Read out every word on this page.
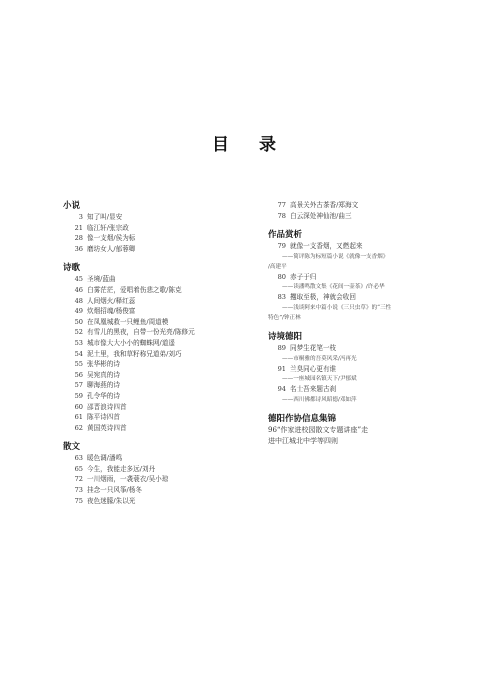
目 录
小说
3 知了叫/显安
21 临江轩/张宗政
28 像一支烟/侯为标
36 磨坊女人/郁蓉卿
诗歌
45 圣境/蓝曲
46 白雾茫茫，爱唱着伤悲之歌/陈克
48 人间烟火/释红蕊
49 炊烟招魂/杨俊富
50 在凤凰城救一只鲤鱼/周道模
52 有雪儿的黑夜，自带一份光亮/陈修元
53 城市像大大小小的蜘蛛网/道遥
54 泥土里，我和草籽称兄道弟/刘巧
55 张华彬的诗
56 吴宛真的诗
57 聊海燕的诗
59 孔令华的诗
60 邵晋浪诗四首
61 陈平诗四首
62 黄国英诗四首
散文
63 暖色调/潘鸣
65 今生，我能走多远/刘丹
72 一川烟雨，一袭蓑衣/吴小琼
73 挂念一只风筝/杨冬
75 夜色迷朦/朱以光
77 高景关外古茶香/郑海文
78 白云深处神仙池/曲三
作品赏析
79 就像一支香烟，又燃起来
——简评陈为标短篇小说《就像一支香烟》
/高建平
80 赤子于归
——读潘鸣散文集《花间一壶茶》/许必华
83 攫取至极，神就会收回
——浅谈阿来中篇小说《三只虫草》的“三性
特色”/钟正林
诗境德阳
89 同梦生花笔一枝
——市桐雅的吾莫风采/冯再光
91 兰臭同心更有谁
——一座城园名镇天下/尹郁斌
94 名士吾来题古刹
——西川佛都诗风昭德/邓如萍
德阳作协信息集锦
96“作家进校园散文专题讲座”走
进中江城北中学等四则
